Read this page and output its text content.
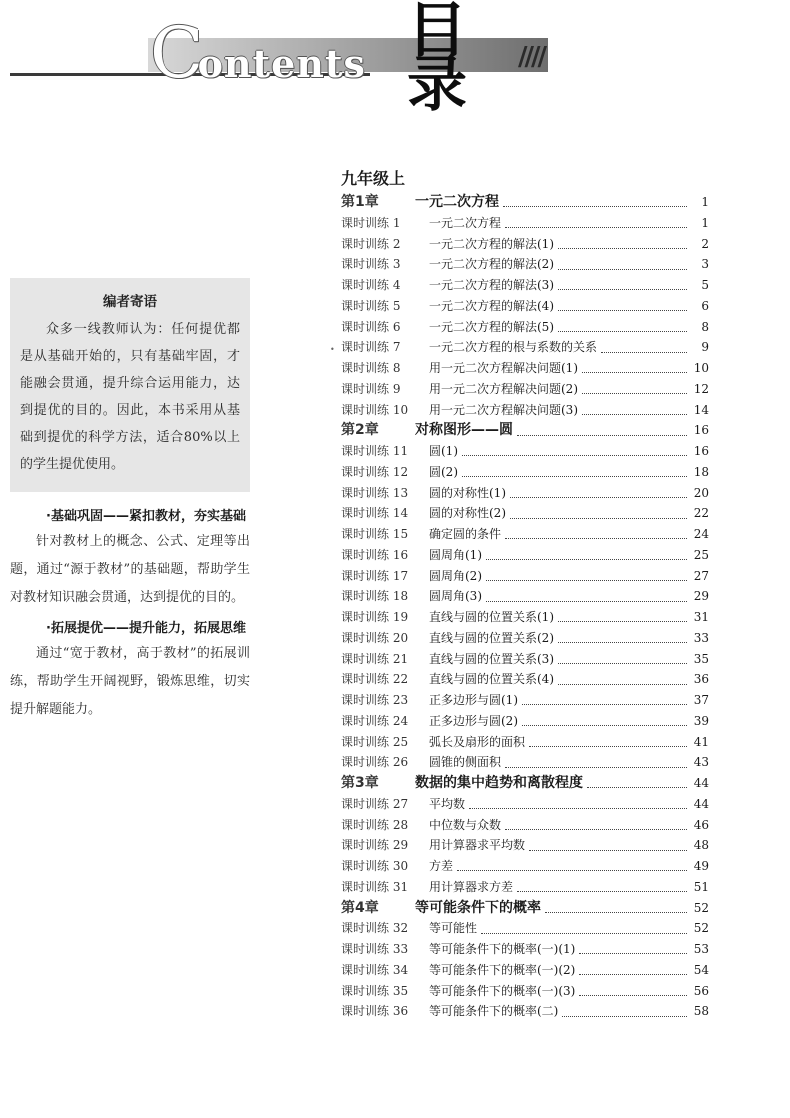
C
ontents 目
录	////
编者寄语
众多一线教师认为：任何提优都是从基础开始的，只有基础牢固，才能融会贯通，提升综合运用能力，达到提优的目的。因此，本书采用从基础到提优的科学方法，适合80%以上的学生提优使用。
·基础巩固——紧扣教材，夯实基础
针对教材上的概念、公式、定理等出题，通过“源于教材”的基础题，帮助学生对教材知识融会贯通，达到提优的目的。
·拓展提优——提升能力，拓展思维
通过“宽于教材，高于教材”的拓展训练，帮助学生开阔视野，锻炼思维，切实提升解题能力。
•
九年级上
第1章	一元二次方程	1
课时训练 1	一元二次方程	1
课时训练 2	一元二次方程的解法(1)	2
课时训练 3	一元二次方程的解法(2)	3
课时训练 4	一元二次方程的解法(3)	5
课时训练 5	一元二次方程的解法(4)	6
课时训练 6	一元二次方程的解法(5)	8
课时训练 7	一元二次方程的根与系数的关系	9
课时训练 8	用一元二次方程解决问题(1)	10
课时训练 9	用一元二次方程解决问题(2)	12
课时训练 10	用一元二次方程解决问题(3)	14
第2章	对称图形——圆	16
课时训练 11	圆(1)	16
课时训练 12	圆(2)	18
课时训练 13	圆的对称性(1)	20
课时训练 14	圆的对称性(2)	22
课时训练 15	确定圆的条件	24
课时训练 16	圆周角(1)	25
课时训练 17	圆周角(2)	27
课时训练 18	圆周角(3)	29
课时训练 19	直线与圆的位置关系(1)	31
课时训练 20	直线与圆的位置关系(2)	33
课时训练 21	直线与圆的位置关系(3)	35
课时训练 22	直线与圆的位置关系(4)	36
课时训练 23	正多边形与圆(1)	37
课时训练 24	正多边形与圆(2)	39
课时训练 25	弧长及扇形的面积	41
课时训练 26	圆锥的侧面积	43
第3章	数据的集中趋势和离散程度	44
课时训练 27	平均数	44
课时训练 28	中位数与众数	46
课时训练 29	用计算器求平均数	48
课时训练 30	方差	49
课时训练 31	用计算器求方差	51
第4章	等可能条件下的概率	52
课时训练 32	等可能性	52
课时训练 33	等可能条件下的概率(一)(1)	53
课时训练 34	等可能条件下的概率(一)(2)	54
课时训练 35	等可能条件下的概率(一)(3)	56
课时训练 36	等可能条件下的概率(二)	58
